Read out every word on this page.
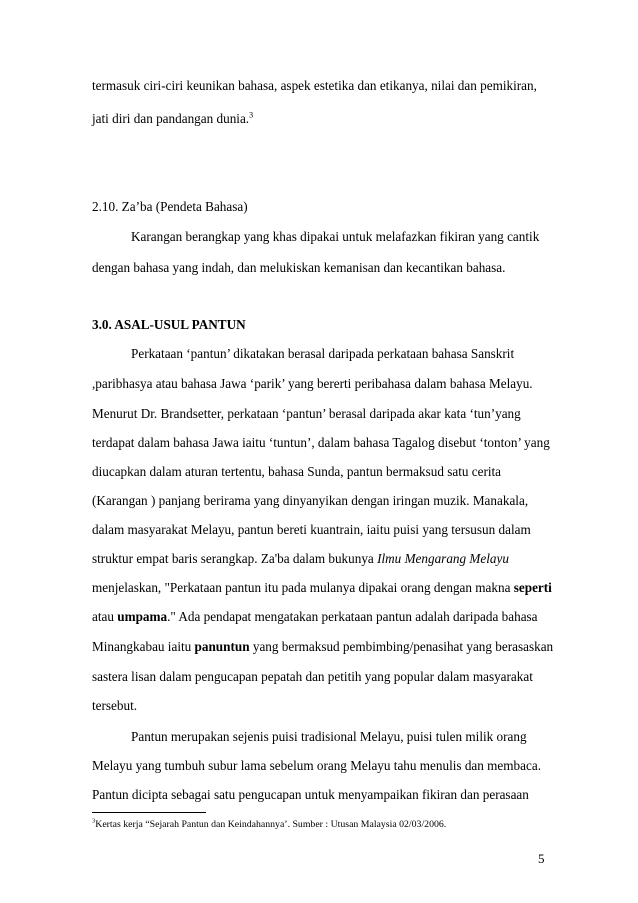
termasuk ciri-ciri keunikan bahasa, aspek estetika dan etikanya, nilai dan pemikiran,
jati diri dan pandangan dunia.$^3$
2.10. Za’ba (Pendeta Bahasa)
Karangan berangkap yang khas dipakai untuk melafazkan fikiran yang cantik
dengan bahasa yang indah, dan melukiskan kemanisan dan kecantikan bahasa.
3.0. ASAL-USUL PANTUN
Perkataan ‘pantun’ dikatakan berasal daripada perkataan bahasa Sanskrit
,paribhasya atau bahasa Jawa ‘parik’ yang bererti peribahasa dalam bahasa Melayu.
Menurut Dr. Brandsetter, perkataan ‘pantun’ berasal daripada akar kata ‘tun’yang
terdapat dalam bahasa Jawa iaitu ‘tuntun’, dalam bahasa Tagalog disebut ‘tonton’ yang
diucapkan dalam aturan tertentu, bahasa Sunda, pantun bermaksud satu cerita
(Karangan ) panjang berirama yang dinyanyikan dengan iringan muzik. Manakala,
dalam masyarakat Melayu, pantun bereti kuantrain, iaitu puisi yang tersusun dalam
struktur empat baris serangkap. Za'ba dalam bukunya Ilmu Mengarang Melayu
menjelaskan, "Perkataan pantun itu pada mulanya dipakai orang dengan makna seperti
atau umpama." Ada pendapat mengatakan perkataan pantun adalah daripada bahasa
Minangkabau iaitu panuntun yang bermaksud pembimbing/penasihat yang berasaskan
sastera lisan dalam pengucapan pepatah dan petitih yang popular dalam masyarakat
tersebut.
Pantun merupakan sejenis puisi tradisional Melayu, puisi tulen milik orang
Melayu yang tumbuh subur lama sebelum orang Melayu tahu menulis dan membaca.
Pantun dicipta sebagai satu pengucapan untuk menyampaikan fikiran dan perasaan
$^3$Kertas kerja “Sejarah Pantun dan Keindahannya’. Sumber : Utusan Malaysia 02/03/2006.
5
